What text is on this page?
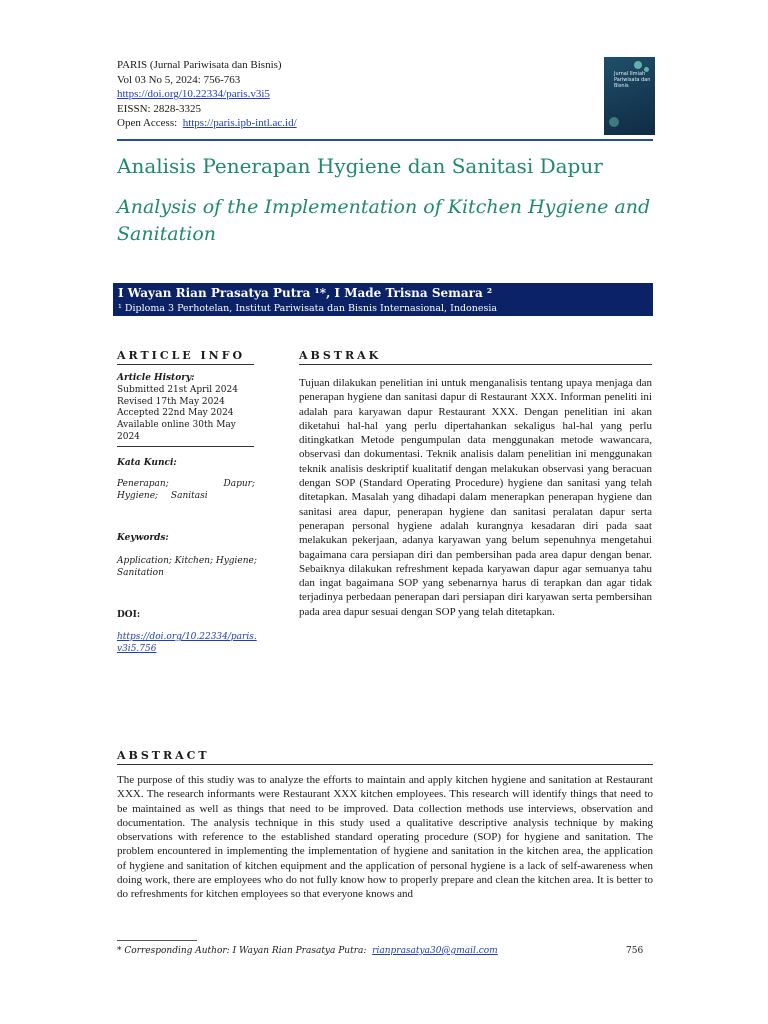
PARIS (Jurnal Pariwisata dan Bisnis)
Vol 03 No 5, 2024: 756-763
https://doi.org/10.22334/paris.v3i5
EISSN: 2828-3325
Open Access: https://paris.ipb-intl.ac.id/
Jurnal Ilmiah Pariwisata dan Bisnis
Analisis Penerapan Hygiene dan Sanitasi Dapur
Analysis of the Implementation of Kitchen Hygiene and Sanitation
I Wayan Rian Prasatya Putra ¹*, I Made Trisna Semara ²
¹ Diploma 3 Perhotelan, Institut Pariwisata dan Bisnis Internasional, Indonesia
ARTICLE INFO
Article History:
Submitted 21st April 2024
Revised 17th May 2024
Accepted 22nd May 2024
Available online 30th May 2024
Kata Kunci:
Penerapan; Dapur; Hygiene; Sanitasi
Keywords:
Application; Kitchen; Hygiene; Sanitation
DOI:
https://doi.org/10.22334/paris.v3i5.756
ABSTRAK
Tujuan dilakukan penelitian ini untuk menganalisis tentang upaya menjaga dan penerapan hygiene dan sanitasi dapur di Restaurant XXX. Informan peneliti ini adalah para karyawan dapur Restaurant XXX. Dengan penelitian ini akan diketahui hal-hal yang perlu dipertahankan sekaligus hal-hal yang perlu ditingkatkan Metode pengumpulan data menggunakan metode wawancara, observasi dan dokumentasi. Teknik analisis dalam penelitian ini menggunakan teknik analisis deskriptif kualitatif dengan melakukan observasi yang beracuan dengan SOP (Standard Operating Procedure) hygiene dan sanitasi yang telah ditetapkan. Masalah yang dihadapi dalam menerapkan penerapan hygiene dan sanitasi area dapur, penerapan hygiene dan sanitasi peralatan dapur serta penerapan personal hygiene adalah kurangnya kesadaran diri pada saat melakukan pekerjaan, adanya karyawan yang belum sepenuhnya mengetahui bagaimana cara persiapan diri dan pembersihan pada area dapur dengan benar. Sebaiknya dilakukan refreshment kepada karyawan dapur agar semuanya tahu dan ingat bagaimana SOP yang sebenarnya harus di terapkan dan agar tidak terjadinya perbedaan penerapan dari persiapan diri karyawan serta pembersihan pada area dapur sesuai dengan SOP yang telah ditetapkan.
ABSTRACT
The purpose of this studiy was to analyze the efforts to maintain and apply kitchen hygiene and sanitation at Restaurant XXX. The research informants were Restaurant XXX kitchen employees. This research will identify things that need to be maintained as well as things that need to be improved. Data collection methods use interviews, observation and documentation. The analysis technique in this study used a qualitative descriptive analysis technique by making observations with reference to the established standard operating procedure (SOP) for hygiene and sanitation. The problem encountered in implementing the implementation of hygiene and sanitation in the kitchen area, the application of hygiene and sanitation of kitchen equipment and the application of personal hygiene is a lack of self-awareness when doing work, there are employees who do not fully know how to properly prepare and clean the kitchen area. It is better to do refreshments for kitchen employees so that everyone knows and
* Corresponding Author: I Wayan Rian Prasatya Putra: rianprasatya30@gmail.com	756
